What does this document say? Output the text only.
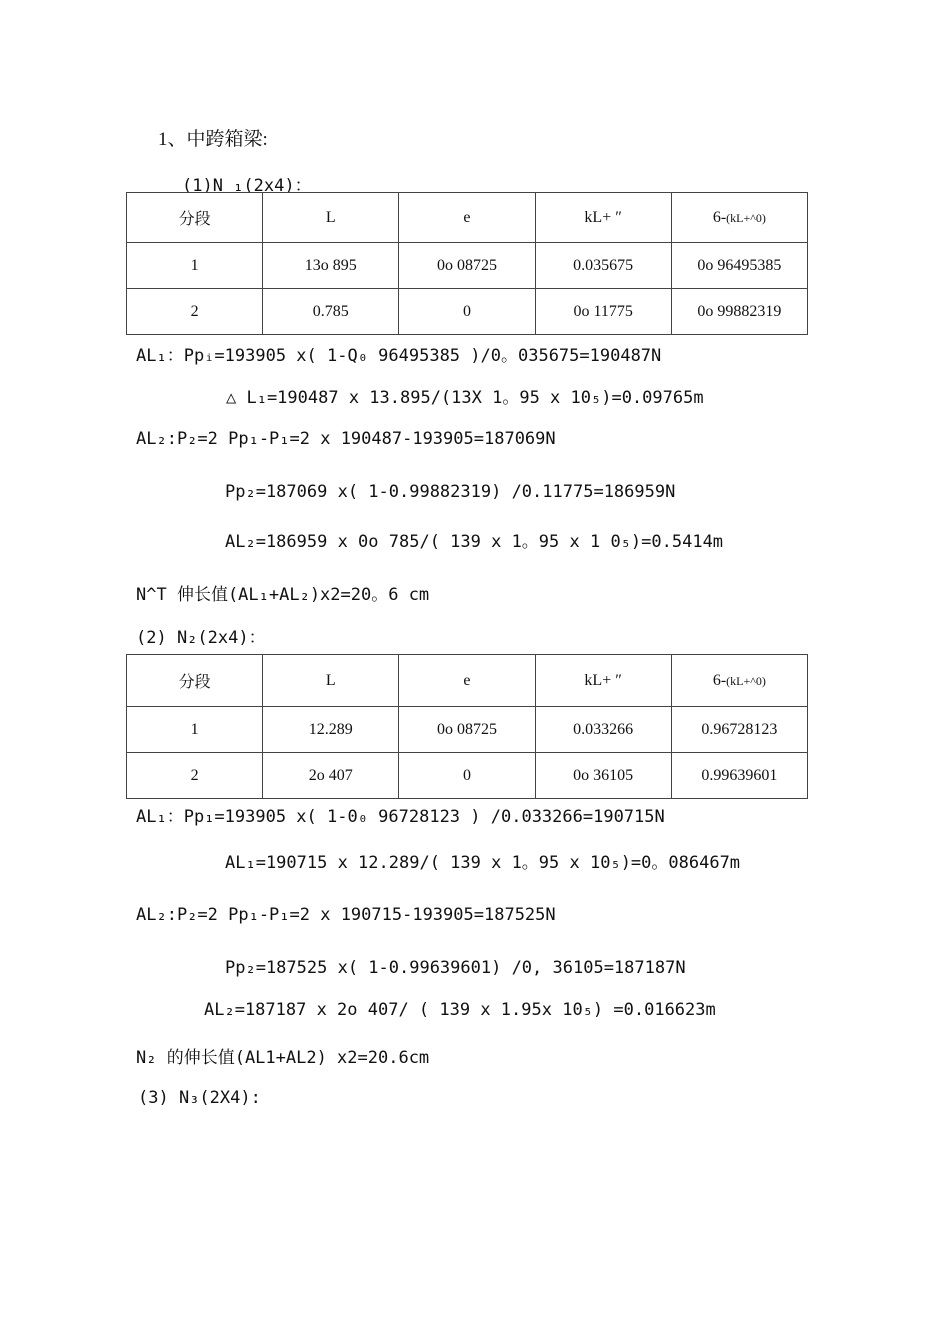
1、中跨箱梁:
(1)N ₁(2x4)：
分段	L	e	kL+ ″	6-(kL+^0)
1	13o 895	0o 08725	0.035675	0o 96495385
2	0.785	0	0o 11775	0o 99882319
AL₁：Ppᵢ=193905 x( 1-Q₀ 96495385 )/0。035675=190487N
△ L₁=190487 x 13.895/(13X 1。95 x 10₅)=0.09765m
AL₂:P₂=2 Pp₁-P₁=2 x 190487-193905=187069N
Pp₂=187069 x( 1-0.99882319) /0.11775=186959N
AL₂=186959 x 0o 785/( 139 x 1。95 x 1 0₅)=0.5414m
N^T 伸长值(AL₁+AL₂)x2=20。6 cm
(2) N₂(2x4)：
分段	L	e	kL+ ″	6-(kL+^0)
1	12.289	0o 08725	0.033266	0.96728123
2	2o 407	0	0o 36105	0.99639601
AL₁：Pp₁=193905 x( 1-0₀ 96728123 ) /0.033266=190715N
AL₁=190715 x 12.289/( 139 x 1。95 x 10₅)=0。086467m
AL₂:P₂=2 Pp₁-P₁=2 x 190715-193905=187525N
Pp₂=187525 x( 1-0.99639601) /0, 36105=187187N
AL₂=187187 x 2o 407/ ( 139 x 1.95x 10₅) =0.016623m
N₂ 的伸长值(AL1+AL2) x2=20.6cm
(3) N₃(2X4):
